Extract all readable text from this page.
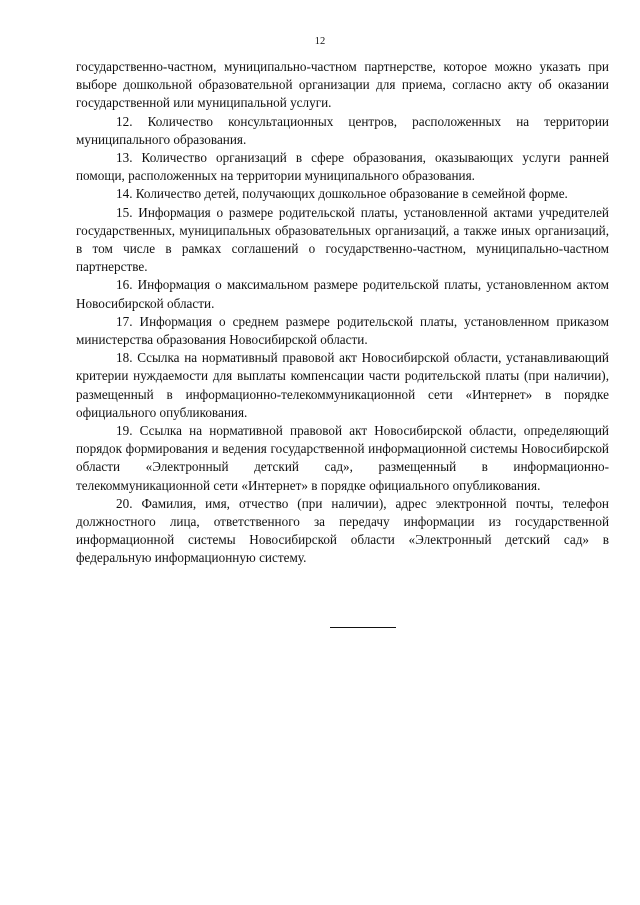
12

государственно-частном, муниципально-частном партнерстве, которое можно указать при выборе дошкольной образовательной организации для приема, согласно акту об оказании государственной или муниципальной услуги.

12. Количество консультационных центров, расположенных на территории муниципального образования.

13. Количество организаций в сфере образования, оказывающих услуги ранней помощи, расположенных на территории муниципального образования.

14. Количество детей, получающих дошкольное образование в семейной форме.

15. Информация о размере родительской платы, установленной актами учредителей государственных, муниципальных образовательных организаций, а также иных организаций, в том числе в рамках соглашений о государственно-частном, муниципально-частном партнерстве.

16. Информация о максимальном размере родительской платы, установленном актом Новосибирской области.

17. Информация о среднем размере родительской платы, установленном приказом министерства образования Новосибирской области.

18. Ссылка на нормативный правовой акт Новосибирской области, устанавливающий критерии нуждаемости для выплаты компенсации части родительской платы (при наличии), размещенный в информационно-телекоммуникационной сети «Интернет» в порядке официального опубликования.

19. Ссылка на нормативной правовой акт Новосибирской области, определяющий порядок формирования и ведения государственной информационной системы Новосибирской области «Электронный детский сад», размещенный в информационно-телекоммуникационной сети «Интернет» в порядке официального опубликования.

20. Фамилия, имя, отчество (при наличии), адрес электронной почты, телефон должностного лица, ответственного за передачу информации из государственной информационной системы Новосибирской области «Электронный детский сад» в федеральную информационную систему.
